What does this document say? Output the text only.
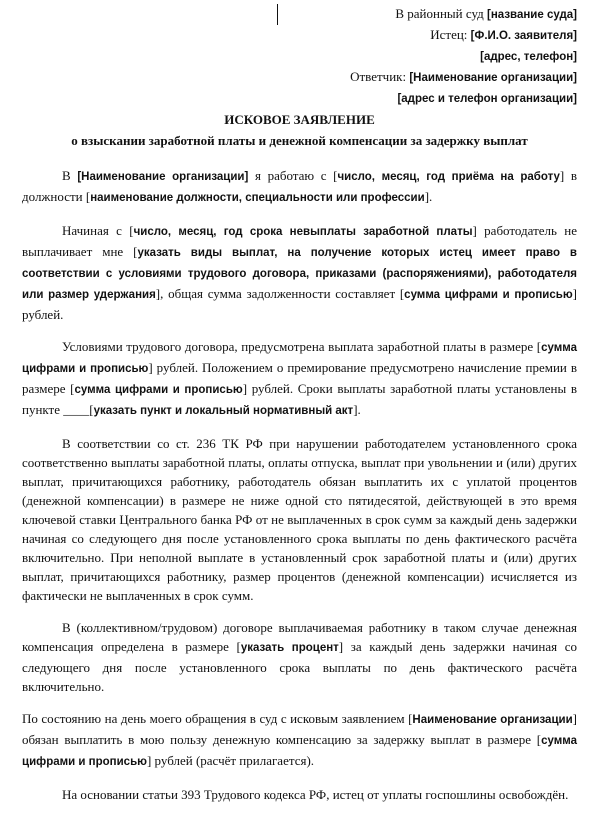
В районный суд [название суда]
Истец: [Ф.И.О. заявителя]
[адрес, телефон]
Ответчик: [Наименование организации]
[адрес и телефон организации]
ИСКОВОЕ ЗАЯВЛЕНИЕ
о взыскании заработной платы и денежной компенсации за задержку выплат

В [Наименование организации] я работаю с [число, месяц, год приёма на работу] в должности [наименование должности, специальности или профессии].

Начиная с [число, месяц, год срока невыплаты заработной платы] работодатель не выплачивает мне [указать виды выплат, на получение которых истец имеет право в соответствии с условиями трудового договора, приказами (распоряжениями), работодателя или размер удержания], общая сумма задолженности составляет [сумма цифрами и прописью] рублей.

Условиями трудового договора, предусмотрена выплата заработной платы в размере [сумма цифрами и прописью] рублей. Положением о премирование предусмотрено начисление премии в размере [сумма цифрами и прописью] рублей. Сроки выплаты заработной платы установлены в пункте ____[указать пункт и локальный нормативный акт].

В соответствии со ст. 236 ТК РФ при нарушении работодателем установленного срока соответственно выплаты заработной платы, оплаты отпуска, выплат при увольнении и (или) других выплат, причитающихся работнику, работодатель обязан выплатить их с уплатой процентов (денежной компенсации) в размере не ниже одной сто пятидесятой, действующей в это время ключевой ставки Центрального банка РФ от не выплаченных в срок сумм за каждый день задержки начиная со следующего дня после установленного срока выплаты по день фактического расчёта включительно. При неполной выплате в установленный срок заработной платы и (или) других выплат, причитающихся работнику, размер процентов (денежной компенсации) исчисляется из фактически не выплаченных в срок сумм.

В (коллективном/трудовом) договоре выплачиваемая работнику в таком случае денежная компенсация определена в размере [указать процент] за каждый день задержки начиная со следующего дня после установленного срока выплаты по день фактического расчёта включительно.

По состоянию на день моего обращения в суд с исковым заявлением [Наименование организации] обязан выплатить в мою пользу денежную компенсацию за задержку выплат в размере [сумма цифрами и прописью] рублей (расчёт прилагается).

На основании статьи 393 Трудового кодекса РФ, истец от уплаты госпошлины освобождён.
